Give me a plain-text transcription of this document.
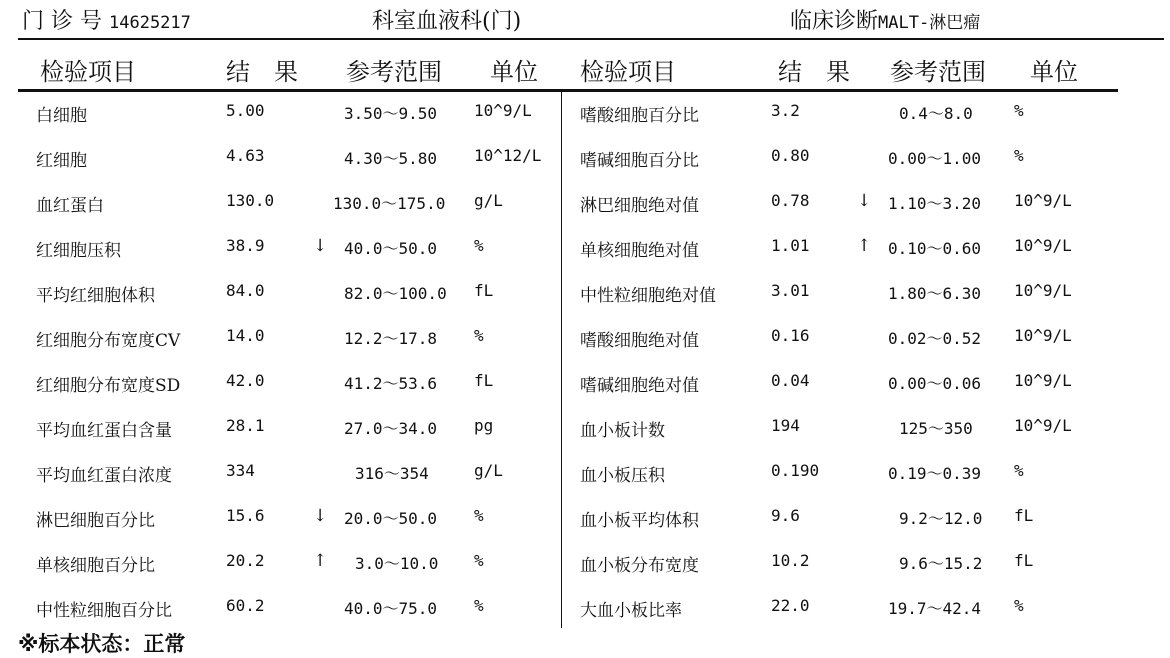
门 诊 号 14625217	科室血液科(门)	临床诊断MALT-淋巴瘤
检验项目	结　果 参考范围 单位 检验项目	结　果 参考范围 单位
白细胞	5.00	3.50～9.50 10^9/L
红细胞	4.63	4.30～5.80 10^12/L
血红蛋白	130.0	130.0～175.0 g/L
红细胞压积	38.9	↓ 40.0～50.0 %
平均红细胞体积	84.0	82.0～100.0 fL
红细胞分布宽度CV	14.0	12.2～17.8 %
红细胞分布宽度SD	42.0	41.2～53.6 fL
平均血红蛋白含量	28.1	27.0～34.0 pg
平均血红蛋白浓度	334	316～354	g/L
淋巴细胞百分比	15.6	↓ 20.0～50.0 %
单核细胞百分比	20.2	↑ 3.0～10.0 %
中性粒细胞百分比	60.2	40.0～75.0 %
嗜酸细胞百分比	3.2	0.4～8.0	%
嗜碱细胞百分比	0.80	0.00～1.00 %
淋巴细胞绝对值	0.78	↓ 1.10～3.20 10^9/L
单核细胞绝对值	1.01	↑ 0.10～0.60 10^9/L
中性粒细胞绝对值	3.01	1.80～6.30 10^9/L
嗜酸细胞绝对值	0.16	0.02～0.52 10^9/L
嗜碱细胞绝对值	0.04	0.00～0.06 10^9/L
血小板计数	194	125～350	10^9/L
血小板压积	0.190	0.19～0.39 %
血小板平均体积	9.6	9.2～12.0 fL
血小板分布宽度	10.2	9.6～15.2 fL
大血小板比率	22.0	19.7～42.4 %
※标本状态：正常
